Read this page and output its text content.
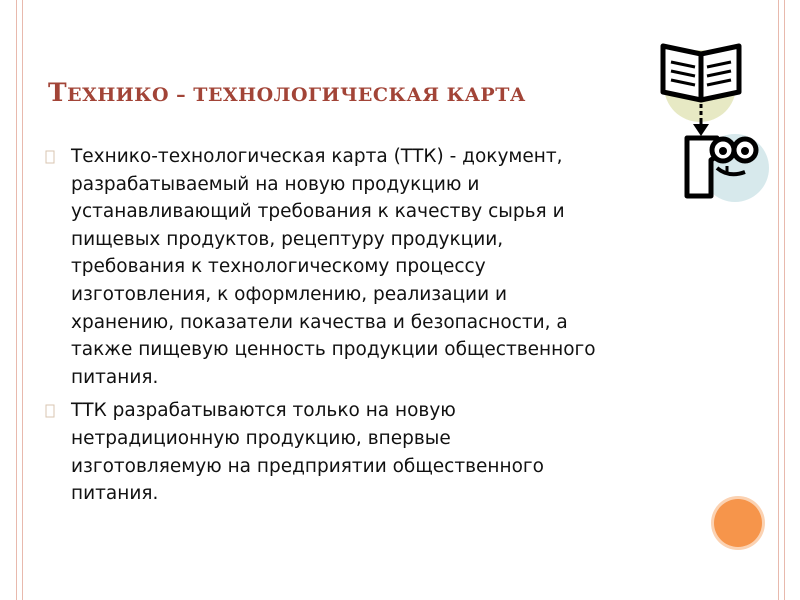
ТЕХНИКО – ТЕХНОЛОГИЧЕСКАЯ КАРТА
Технико-технологическая карта (ТТК) - документ,
разрабатываемый на новую продукцию и
устанавливающий требования к качеству сырья и
пищевых продуктов, рецептуру продукции,
требования к технологическому процессу
изготовления, к оформлению, реализации и
хранению, показатели качества и безопасности, а
также пищевую ценность продукции общественного
питания.
ТТК разрабатываются только на новую
нетрадиционную продукцию, впервые
изготовляемую на предприятии общественного
питания.
